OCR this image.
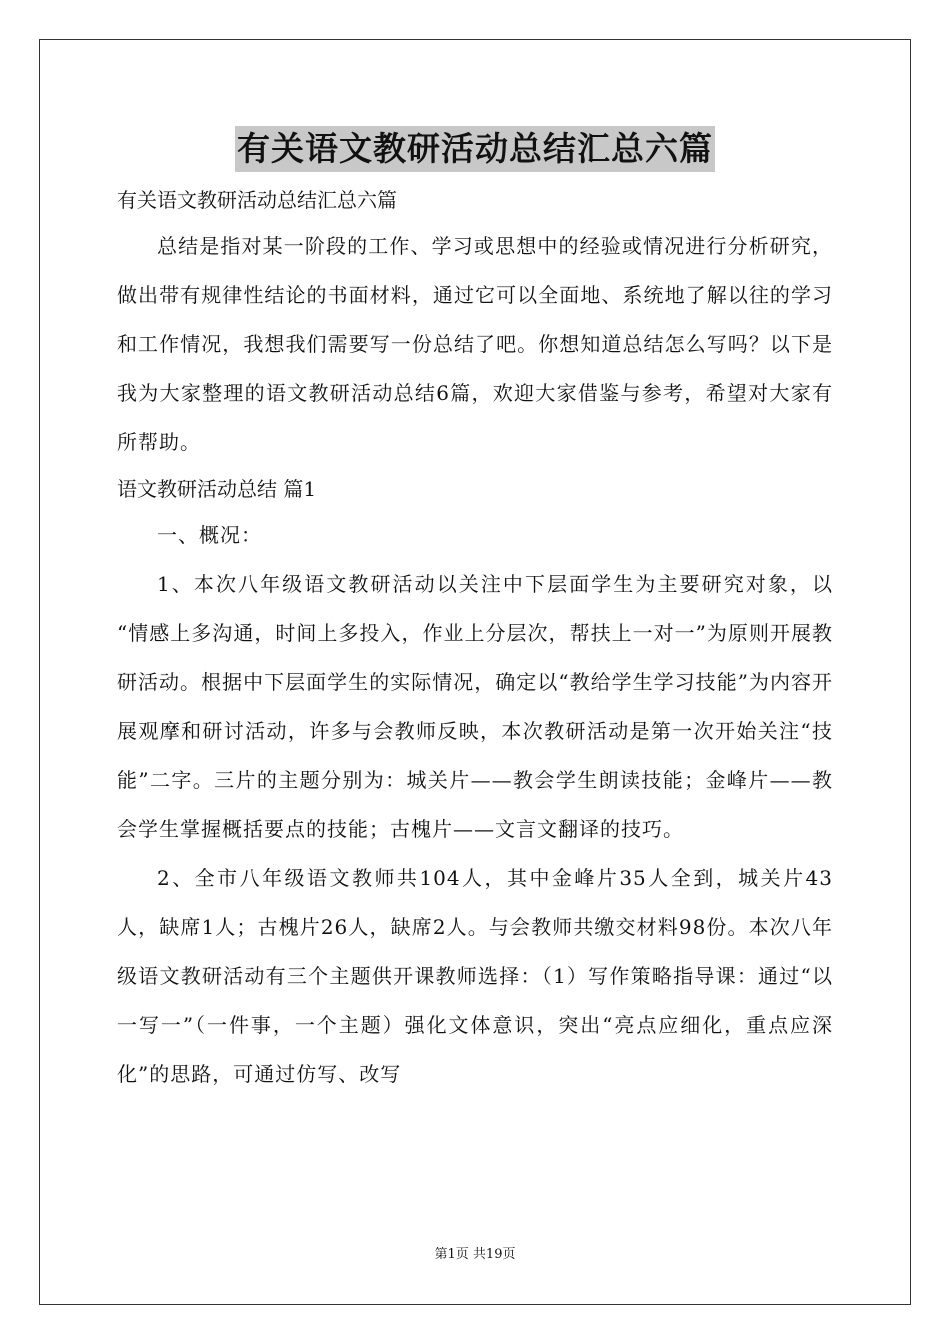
有关语文教研活动总结汇总六篇

有关语文教研活动总结汇总六篇

总结是指对某一阶段的工作、学习或思想中的经验或情况进行分析研究，做出带有规律性结论的书面材料，通过它可以全面地、系统地了解以往的学习和工作情况，我想我们需要写一份总结了吧。你想知道总结怎么写吗？以下是我为大家整理的语文教研活动总结6篇，欢迎大家借鉴与参考，希望对大家有所帮助。

语文教研活动总结 篇1

一、概况：

1、本次八年级语文教研活动以关注中下层面学生为主要研究对象，以 “情感上多沟通，时间上多投入，作业上分层次，帮扶上一对一”为原则开展教研活动。根据中下层面学生的实际情况，确定以“教给学生学习技能”为内容开展观摩和研讨活动，许多与会教师反映，本次教研活动是第一次开始关注“技能”二字。三片的主题分别为：城关片——教会学生朗读技能；金峰片——教会学生掌握概括要点的技能；古槐片——文言文翻译的技巧。

2、全市八年级语文教师共104人，其中金峰片35人全到，城关片43人，缺席1人；古槐片26人，缺席2人。与会教师共缴交材料98份。本次八年级语文教研活动有三个主题供开课教师选择：（1）写作策略指导课：通过“以一写一”（一件事，一个主题）强化文体意识，突出“亮点应细化，重点应深化”的思路，可通过仿写、改写

第1页 共19页
